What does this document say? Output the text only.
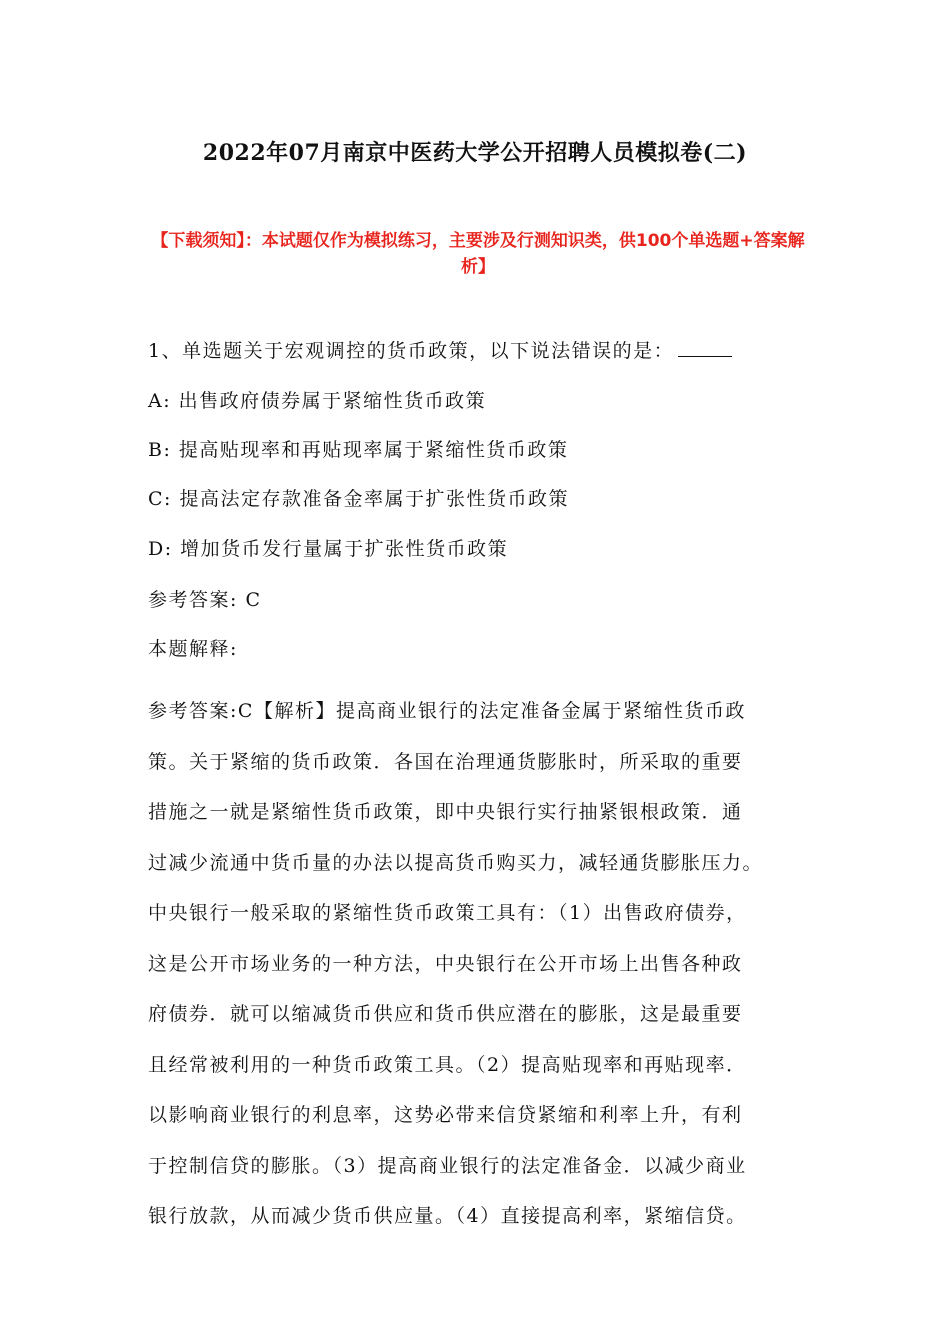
2022年07月南京中医药大学公开招聘人员模拟卷(二)
【下载须知】：本试题仅作为模拟练习，主要涉及行测知识类，供100个单选题+答案解析】
1、单选题关于宏观调控的货币政策，以下说法错误的是：
A: 出售政府债券属于紧缩性货币政策
B: 提高贴现率和再贴现率属于紧缩性货币政策
C: 提高法定存款准备金率属于扩张性货币政策
D: 增加货币发行量属于扩张性货币政策
参考答案: C
本题解释:
参考答案:C【解析】提高商业银行的法定准备金属于紧缩性货币政
策。关于紧缩的货币政策．各国在治理通货膨胀时，所采取的重要
措施之一就是紧缩性货币政策，即中央银行实行抽紧银根政策．通
过减少流通中货币量的办法以提高货币购买力，减轻通货膨胀压力。
中央银行一般采取的紧缩性货币政策工具有：（1）出售政府债券，
这是公开市场业务的一种方法，中央银行在公开市场上出售各种政
府债券．就可以缩减货币供应和货币供应潜在的膨胀，这是最重要
且经常被利用的一种货币政策工具。（2）提高贴现率和再贴现率．
以影响商业银行的利息率，这势必带来信贷紧缩和利率上升，有利
于控制信贷的膨胀。（3）提高商业银行的法定准备金．以减少商业
银行放款，从而减少货币供应量。（4）直接提高利率，紧缩信贷。
